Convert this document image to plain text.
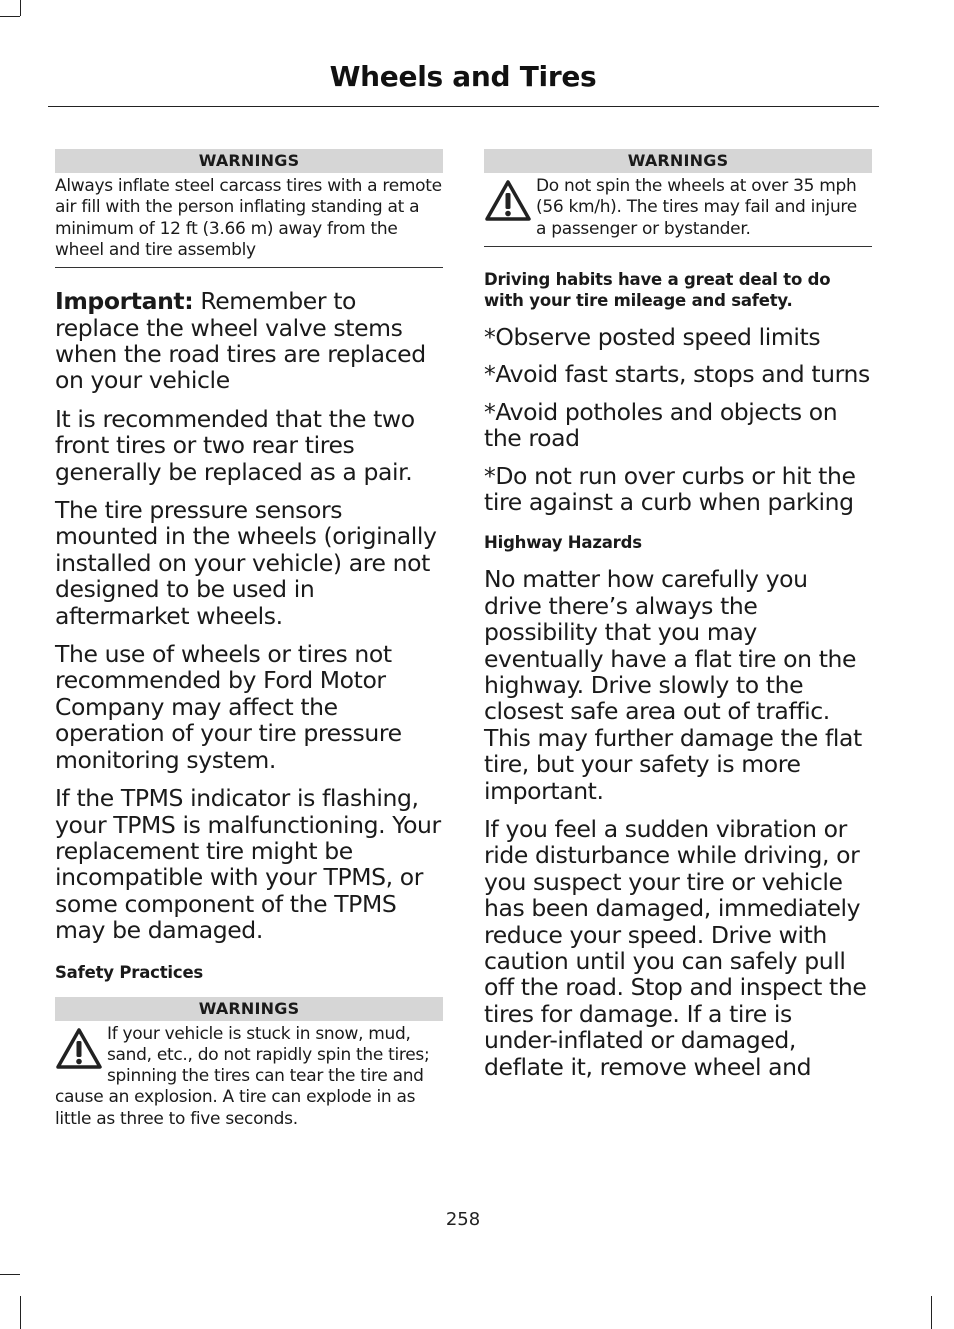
Wheels and Tires
WARNINGS
Always inflate steel carcass tires with a remote air fill with the person inflating standing at a minimum of 12 ft (3.66 m) away from the wheel and tire assembly

Important: Remember to replace the wheel valve stems when the road tires are replaced on your vehicle

It is recommended that the two front tires or two rear tires generally be replaced as a pair.

The tire pressure sensors mounted in the wheels (originally installed on your vehicle) are not designed to be used in aftermarket wheels.

The use of wheels or tires not recommended by Ford Motor Company may affect the operation of your tire pressure monitoring system.

If the TPMS indicator is flashing, your TPMS is malfunctioning. Your replacement tire might be incompatible with your TPMS, or some component of the TPMS may be damaged.

Safety Practices
WARNINGS
If your vehicle is stuck in snow, mud, sand, etc., do not rapidly spin the tires; spinning the tires can tear the tire and cause an explosion. A tire can explode in as little as three to five seconds.
WARNINGS
Do not spin the wheels at over 35 mph (56 km/h). The tires may fail and injure a passenger or bystander.
Driving habits have a great deal to do with your tire mileage and safety.

*Observe posted speed limits

*Avoid fast starts, stops and turns

*Avoid potholes and objects on the road

*Do not run over curbs or hit the tire against a curb when parking

Highway Hazards

No matter how carefully you drive there’s always the possibility that you may eventually have a flat tire on the highway. Drive slowly to the closest safe area out of traffic. This may further damage the flat tire, but your safety is more important.

If you feel a sudden vibration or ride disturbance while driving, or you suspect your tire or vehicle has been damaged, immediately reduce your speed. Drive with caution until you can safely pull off the road. Stop and inspect the tires for damage. If a tire is under-inflated or damaged, deflate it, remove wheel and

258
